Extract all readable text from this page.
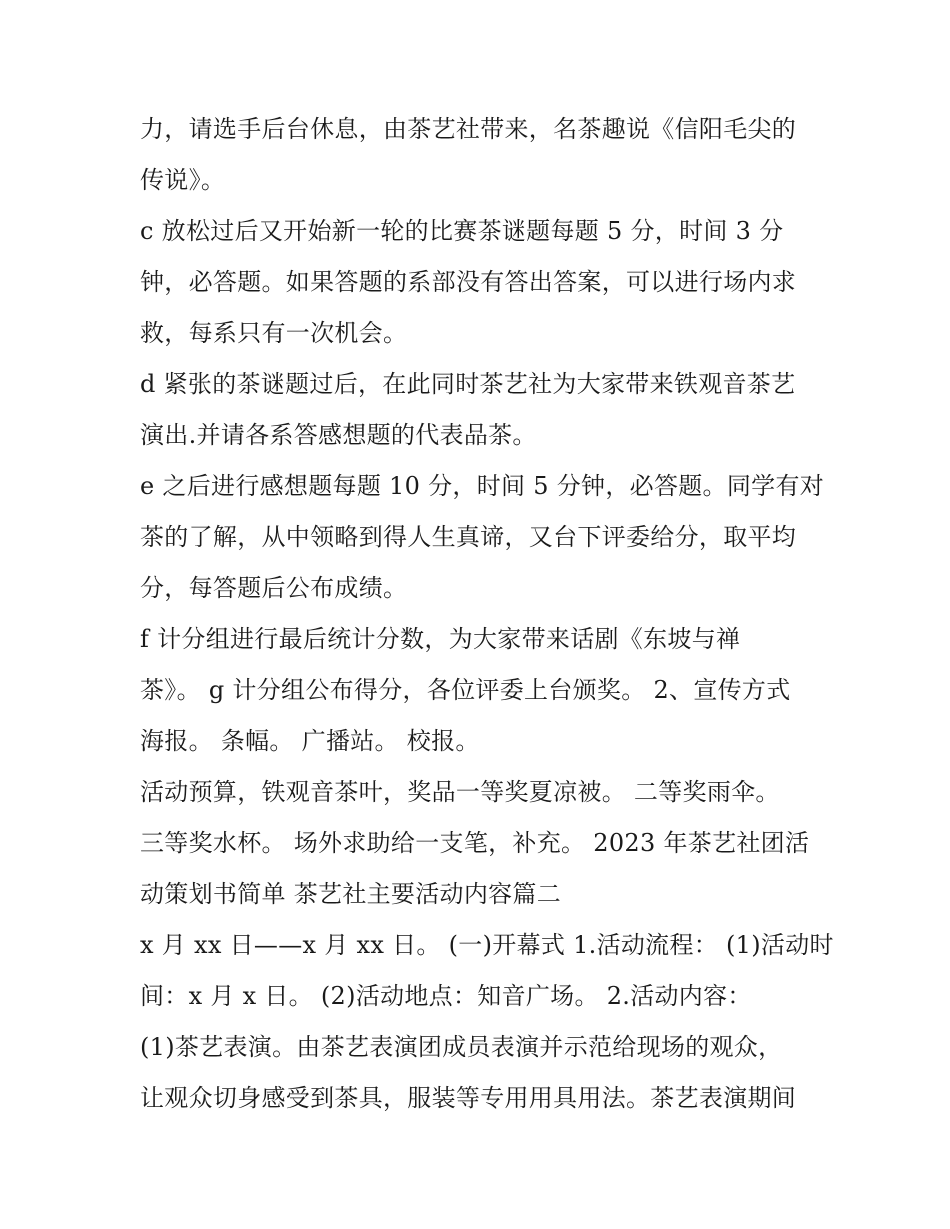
力，请选手后台休息，由茶艺社带来，名茶趣说《信阳毛尖的
传说》。
c 放松过后又开始新一轮的比赛茶谜题每题 5 分，时间 3 分
钟，必答题。如果答题的系部没有答出答案，可以进行场内求
救，每系只有一次机会。
d 紧张的茶谜题过后，在此同时茶艺社为大家带来铁观音茶艺
演出.并请各系答感想题的代表品茶。
e 之后进行感想题每题 10 分，时间 5 分钟，必答题。同学有对
茶的了解，从中领略到得人生真谛，又台下评委给分，取平均
分，每答题后公布成绩。
f 计分组进行最后统计分数，为大家带来话剧《东坡与禅
茶》。 g 计分组公布得分，各位评委上台颁奖。 2、宣传方式
海报。 条幅。 广播站。 校报。
活动预算，铁观音茶叶，奖品一等奖夏凉被。 二等奖雨伞。
三等奖水杯。 场外求助给一支笔，补充。 2023 年茶艺社团活
动策划书简单 茶艺社主要活动内容篇二
x 月 xx 日——x 月 xx 日。 (一)开幕式 1.活动流程： (1)活动时
间：x 月 x 日。 (2)活动地点：知音广场。 2.活动内容：
(1)茶艺表演。由茶艺表演团成员表演并示范给现场的观众，
让观众切身感受到茶具，服装等专用用具用法。茶艺表演期间
